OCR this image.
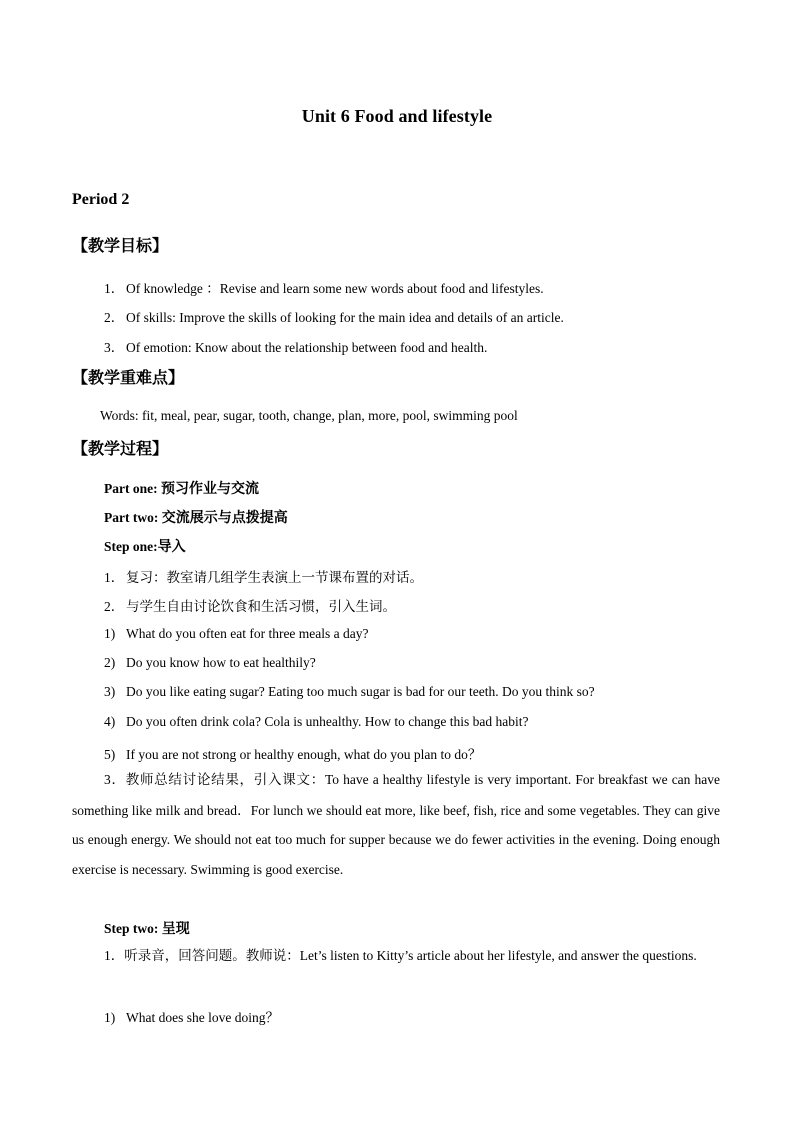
Unit 6 Food and lifestyle
Period 2
【教学目标】
1． Of knowledge ：Revise and learn some new words about food and lifestyles.
2． Of skills: Improve the skills of looking for the main idea and details of an article.
3． Of emotion: Know about the relationship between food and health.
【教学重难点】
Words: fit, meal, pear, sugar, tooth, change, plan, more, pool, swimming pool
【教学过程】
Part one: 预习作业与交流
Part two: 交流展示与点拨提高
Step one:导入
1． 复习：教室请几组学生表演上一节课布置的对话。
2． 与学生自由讨论饮食和生活习惯，引入生词。
1) What do you often eat for three meals a day?
2) Do you know how to eat healthily?
3) Do you like eating sugar? Eating too much sugar is bad for our teeth. Do you think so?
4) Do you often drink cola? Cola is unhealthy. How to change this bad habit?
5) If you are not strong or healthy enough, what do you plan to do？
3．教师总结讨论结果，引入课文：To have a healthy lifestyle is very important. For breakfast we can have something like milk and bread．For lunch we should eat more, like beef, fish, rice and some vegetables. They can give us enough energy. We should not eat too much for supper because we do fewer activities in the evening. Doing enough exercise is necessary. Swimming is good exercise.
Step two: 呈现
1．听录音，回答问题。教师说：Let’s listen to Kitty’s article about her lifestyle, and answer the questions.
1) What does she love doing？
